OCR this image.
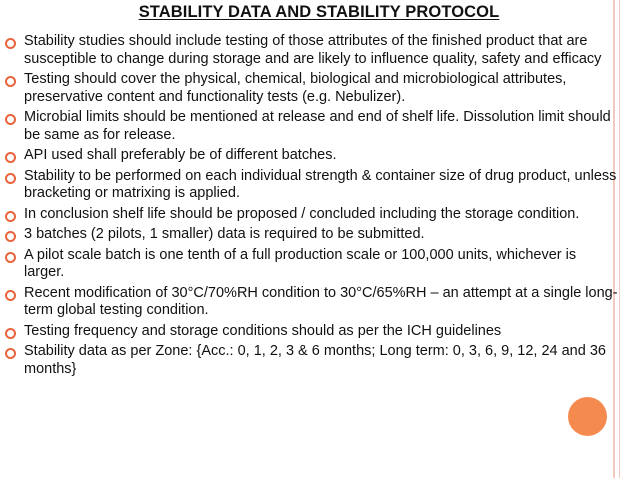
STABILITY DATA AND STABILITY PROTOCOL
Stability studies should include testing of those attributes of the finished product that are susceptible to change during storage and are likely to influence quality, safety and efficacy
Testing should cover the physical, chemical, biological and microbiological attributes, preservative content and functionality tests (e.g. Nebulizer).
Microbial limits should be mentioned at release and end of shelf life. Dissolution limit should be same as for release.
API used shall preferably be of different batches.
Stability to be performed on each individual strength & container size of drug product, unless bracketing or matrixing is applied.
In conclusion shelf life should be proposed / concluded including the storage condition.
3 batches (2 pilots, 1 smaller) data is required to be submitted.
A pilot scale batch is one tenth of a full production scale or 100,000 units, whichever is larger.
Recent modification of 30°C/70%RH condition to 30°C/65%RH – an attempt at a single long-term global testing condition.
Testing frequency and storage conditions should as per the ICH guidelines
Stability data as per Zone: {Acc.: 0, 1, 2, 3 & 6 months; Long term: 0, 3, 6, 9, 12, 24 and 36 months}
